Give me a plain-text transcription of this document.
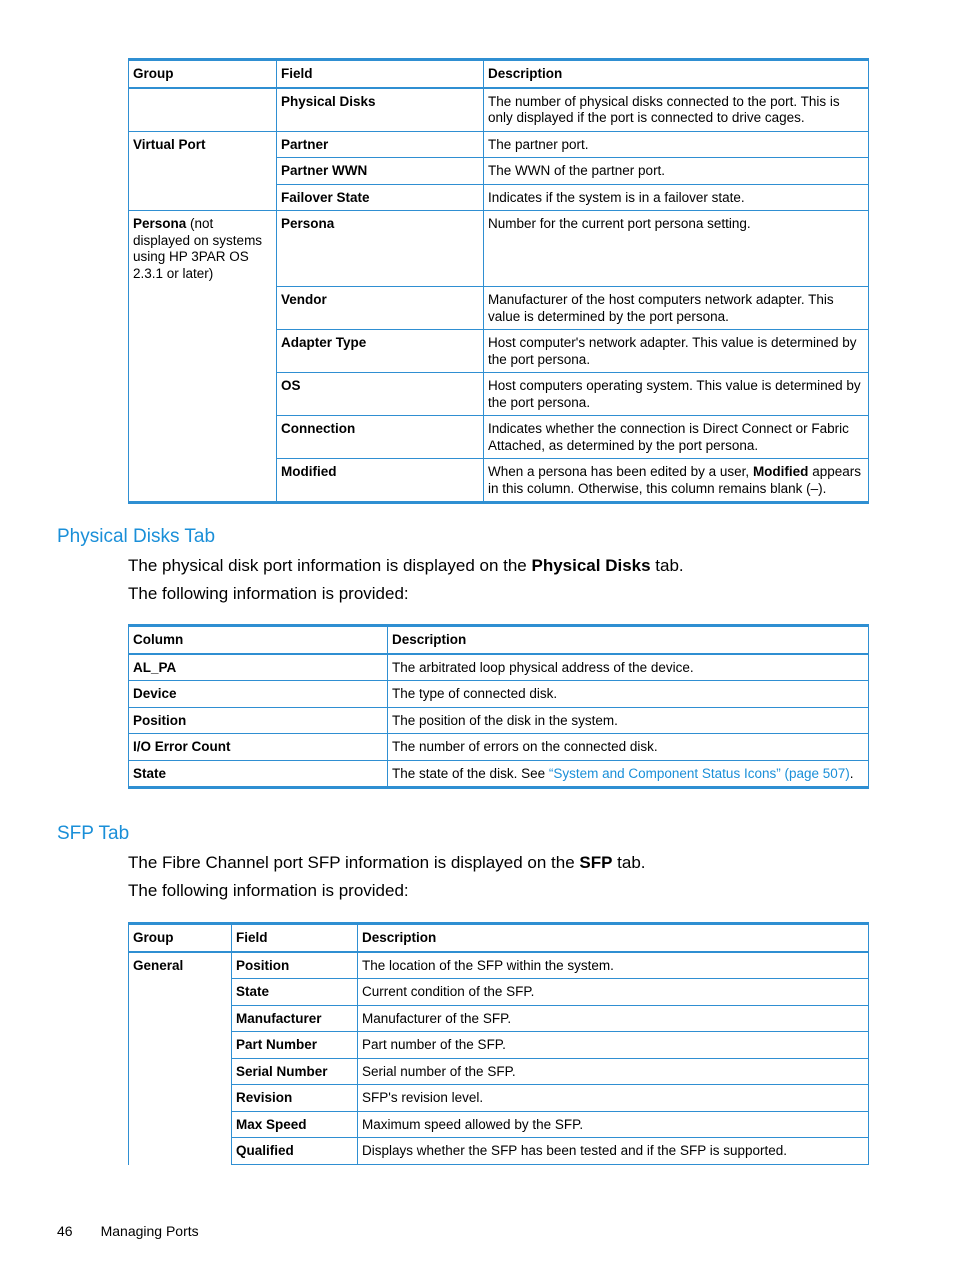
Group	Field	Description
	Physical Disks	The number of physical disks connected to the port. This is only displayed if the port is connected to drive cages.
Virtual Port	Partner	The partner port.
	Partner WWN	The WWN of the partner port.
	Failover State	Indicates if the system is in a failover state.
Persona (not displayed on systems using HP 3PAR OS 2.3.1 or later)	Persona	Number for the current port persona setting.
	Vendor	Manufacturer of the host computers network adapter. This value is determined by the port persona.
	Adapter Type	Host computer's network adapter. This value is determined by the port persona.
	OS	Host computers operating system. This value is determined by the port persona.
	Connection	Indicates whether the connection is Direct Connect or Fabric Attached, as determined by the port persona.
	Modified	When a persona has been edited by a user, Modified appears in this column. Otherwise, this column remains blank (–).
Physical Disks Tab

The physical disk port information is displayed on the Physical Disks tab.

The following information is provided:

Column	Description
AL_PA	The arbitrated loop physical address of the device.
Device	The type of connected disk.
Position	The position of the disk in the system.
I/O Error Count	The number of errors on the connected disk.
State	The state of the disk. See “System and Component Status Icons” (page 507).
SFP Tab

The Fibre Channel port SFP information is displayed on the SFP tab.

The following information is provided:

Group	Field	Description
General	Position	The location of the SFP within the system.
	State	Current condition of the SFP.
	Manufacturer	Manufacturer of the SFP.
	Part Number	Part number of the SFP.
	Serial Number	Serial number of the SFP.
	Revision	SFP's revision level.
	Max Speed	Maximum speed allowed by the SFP.
	Qualified	Displays whether the SFP has been tested and if the SFP is supported.
46 Managing Ports
